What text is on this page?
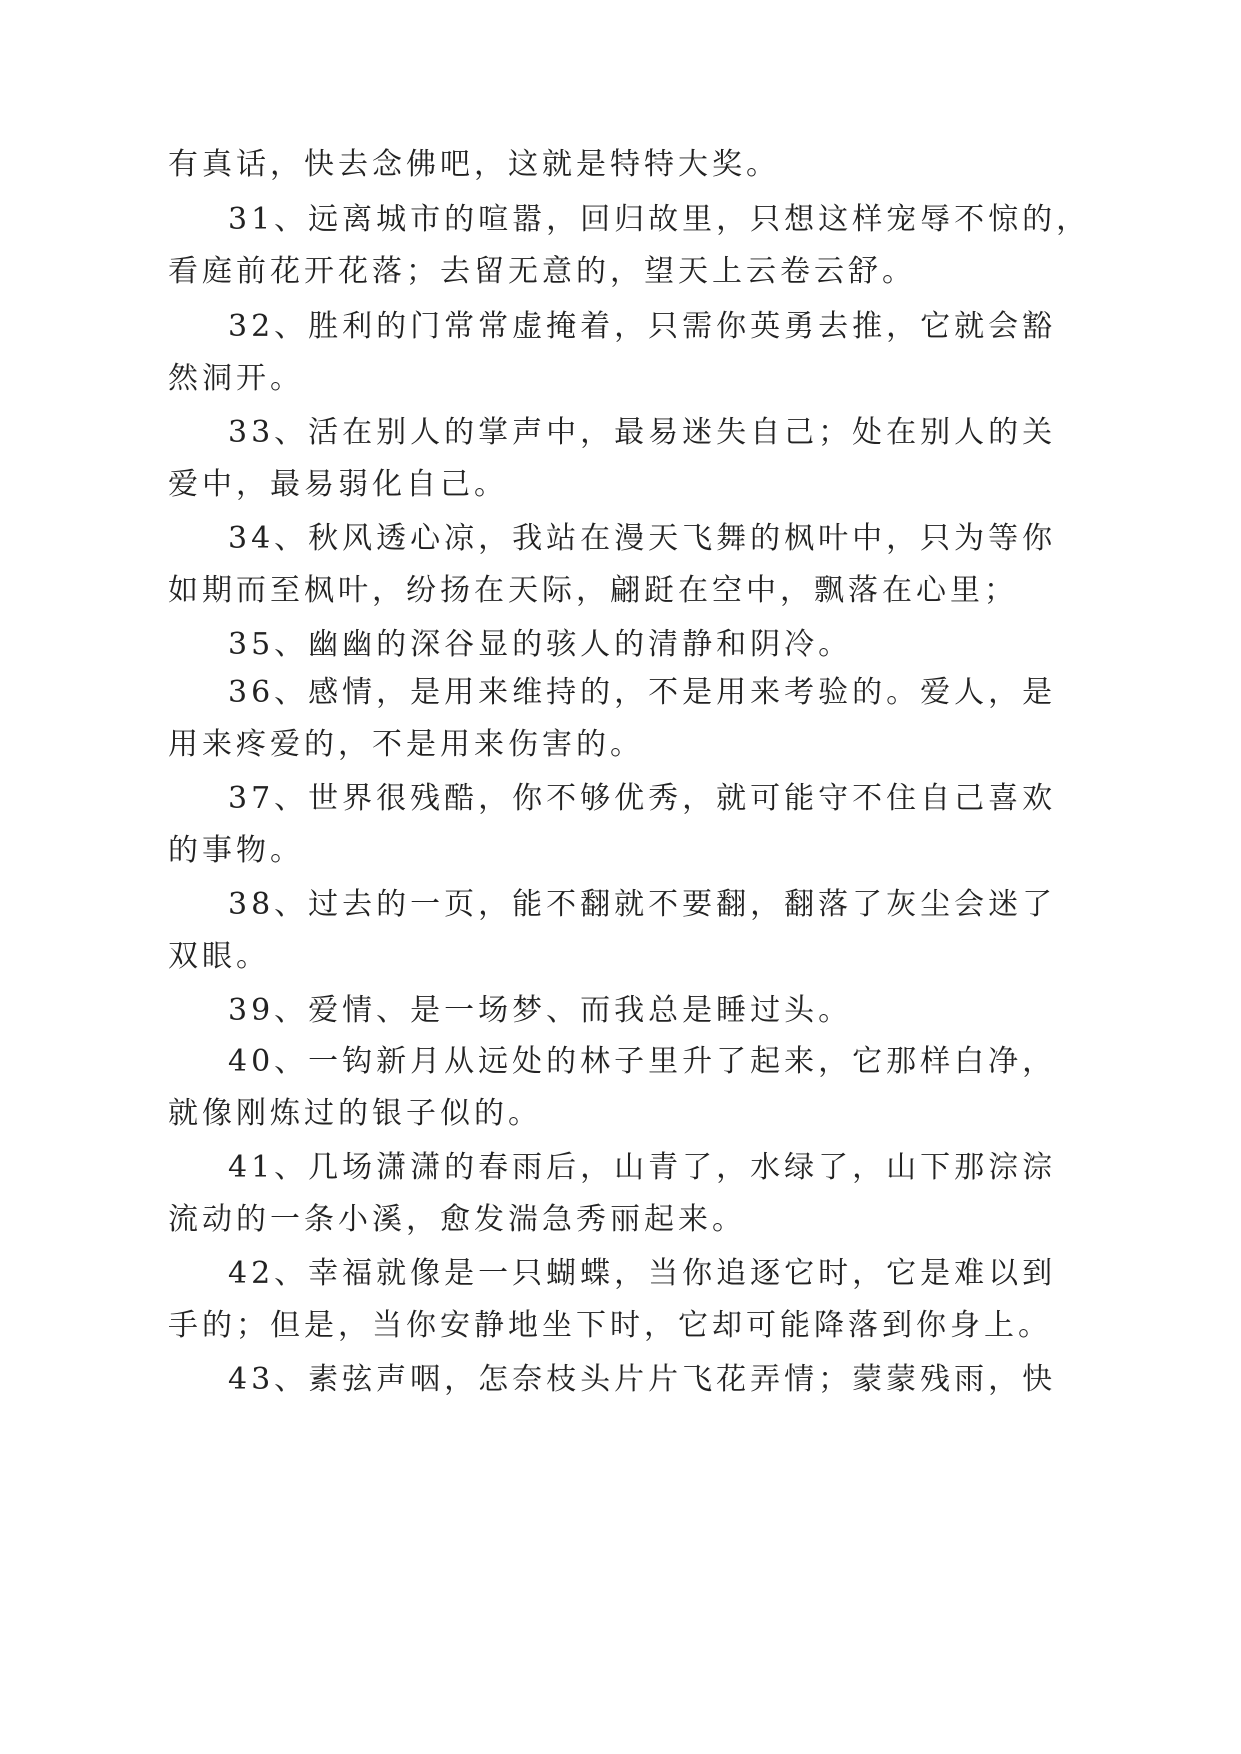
有真话，快去念佛吧，这就是特特大奖。
31、远离城市的喧嚣，回归故里，只想这样宠辱不惊的，
看庭前花开花落；去留无意的，望天上云卷云舒。
32、胜利的门常常虚掩着，只需你英勇去推，它就会豁
然洞开。
33、活在别人的掌声中，最易迷失自己；处在别人的关
爱中，最易弱化自己。
34、秋风透心凉，我站在漫天飞舞的枫叶中，只为等你
如期而至枫叶，纷扬在天际，翩跹在空中，飘落在心里；
35、幽幽的深谷显的骇人的清静和阴冷。
36、感情，是用来维持的，不是用来考验的。爱人，是
用来疼爱的，不是用来伤害的。
37、世界很残酷，你不够优秀，就可能守不住自己喜欢
的事物。
38、过去的一页，能不翻就不要翻，翻落了灰尘会迷了
双眼。
39、爱情、是一场梦、而我总是睡过头。
40、一钩新月从远处的林子里升了起来，它那样白净，
就像刚炼过的银子似的。
41、几场潇潇的春雨后，山青了，水绿了，山下那淙淙
流动的一条小溪，愈发湍急秀丽起来。
42、幸福就像是一只蝴蝶，当你追逐它时，它是难以到
手的；但是，当你安静地坐下时，它却可能降落到你身上。
43、素弦声咽，怎奈枝头片片飞花弄情；蒙蒙残雨，快
